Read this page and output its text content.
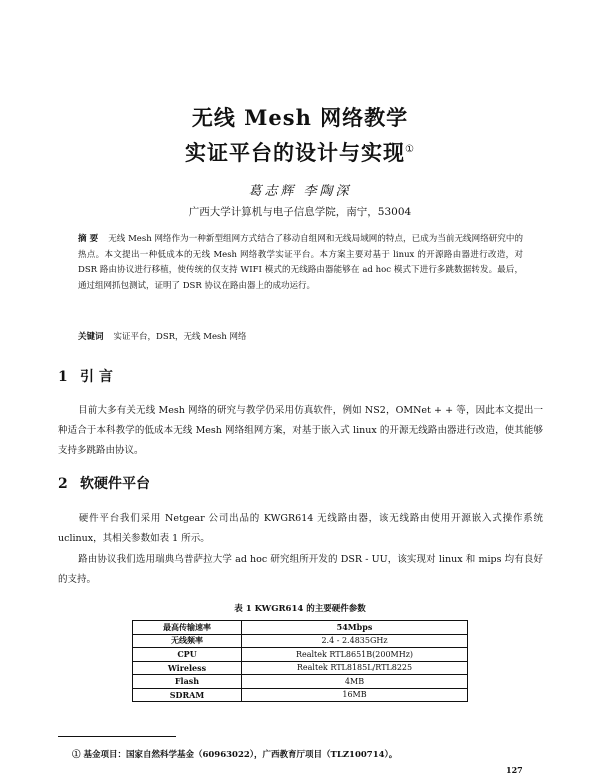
无线 Mesh 网络教学
实证平台的设计与实现①
葛志辉 李陶深
广西大学计算机与电子信息学院，南宁，53004
摘 要 无线 Mesh 网络作为一种新型组网方式结合了移动自组网和无线局域网的特点，已成为当前无线网络研究中的热点。本文提出一种低成本的无线 Mesh 网络教学实证平台。本方案主要对基于 linux 的开源路由器进行改造，对 DSR 路由协议进行移植，使传统的仅支持 WIFI 模式的无线路由器能够在 ad hoc 模式下进行多跳数据转发。最后，通过组网抓包测试，证明了 DSR 协议在路由器上的成功运行。
关键词 实证平台，DSR，无线 Mesh 网络
1 引 言
目前大多有关无线 Mesh 网络的研究与教学仍采用仿真软件，例如 NS2，OMNet + + 等，因此本文提出一种适合于本科教学的低成本无线 Mesh 网络组网方案，对基于嵌入式 linux 的开源无线路由器进行改造，使其能够支持多跳路由协议。
2 软硬件平台
硬件平台我们采用 Netgear 公司出品的 KWGR614 无线路由器，该无线路由使用开源嵌入式操作系统 uclinux，其相关参数如表 1 所示。
路由协议我们选用瑞典乌普萨拉大学 ad hoc 研究组所开发的 DSR - UU，该实现对 linux 和 mips 均有良好的支持。
表 1 KWGR614 的主要硬件参数
最高传输速率	54Mbps
无线频率	2.4 - 2.4835GHz
CPU	Realtek RTL8651B(200MHz)
Wireless	Realtek RTL8185L/RTL8225
Flash	4MB
SDRAM	16MB
① 基金项目：国家自然科学基金（60963022），广西教育厅项目（TLZ100714）。
127
